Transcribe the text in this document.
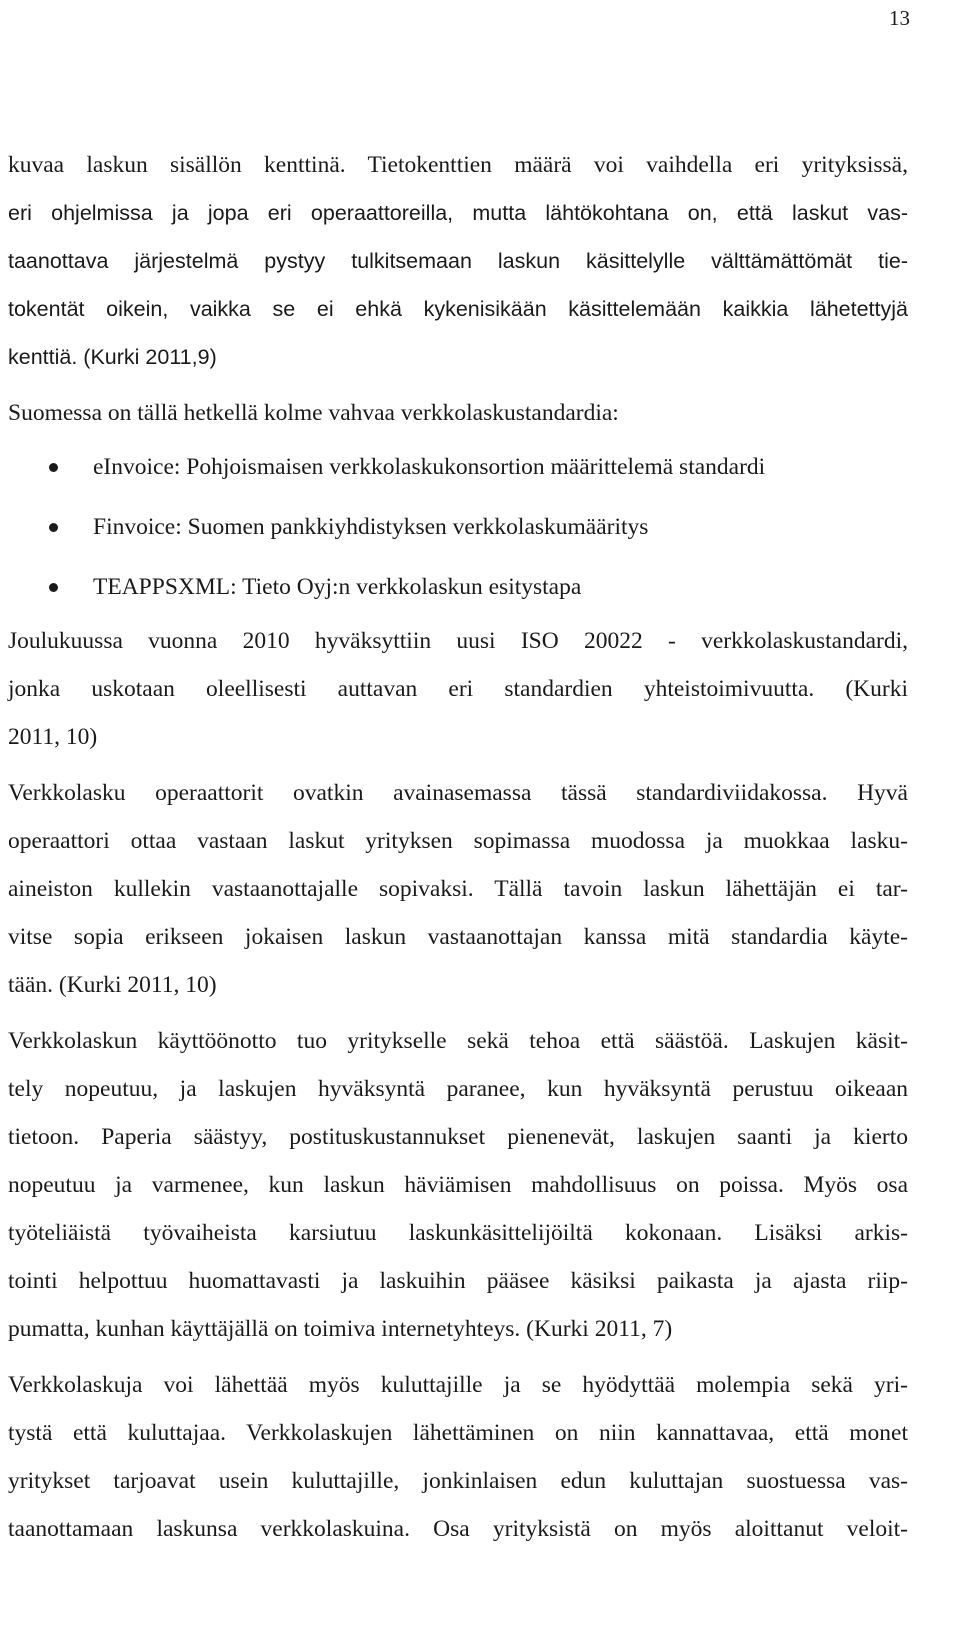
13
kuvaa laskun sisällön kenttinä. Tietokenttien määrä voi vaihdella eri yrityksissä,
eri ohjelmissa ja jopa eri operaattoreilla, mutta lähtökohtana on, että laskut vas-
taanottava järjestelmä pystyy tulkitsemaan laskun käsittelylle välttämättömät tie-
tokentät oikein, vaikka se ei ehkä kykenisikään käsittelemään kaikkia lähetettyjä
kenttiä. (Kurki 2011,9)
Suomessa on tällä hetkellä kolme vahvaa verkkolaskustandardia:
eInvoice: Pohjoismaisen verkkolaskukonsortion määrittelemä standardi
Finvoice: Suomen pankkiyhdistyksen verkkolaskumääritys
TEAPPSXML: Tieto Oyj:n verkkolaskun esitystapa
Joulukuussa vuonna 2010 hyväksyttiin uusi ISO 20022 - verkkolaskustandardi,
jonka uskotaan oleellisesti auttavan eri standardien yhteistoimivuutta. (Kurki
2011, 10)
Verkkolasku operaattorit ovatkin avainasemassa tässä standardiviidakossa. Hyvä
operaattori ottaa vastaan laskut yrityksen sopimassa muodossa ja muokkaa lasku-
aineiston kullekin vastaanottajalle sopivaksi. Tällä tavoin laskun lähettäjän ei tar-
vitse sopia erikseen jokaisen laskun vastaanottajan kanssa mitä standardia käyte-
tään. (Kurki 2011, 10)
Verkkolaskun käyttöönotto tuo yritykselle sekä tehoa että säästöä. Laskujen käsit-
tely nopeutuu, ja laskujen hyväksyntä paranee, kun hyväksyntä perustuu oikeaan
tietoon. Paperia säästyy, postituskustannukset pienenevät, laskujen saanti ja kierto
nopeutuu ja varmenee, kun laskun häviämisen mahdollisuus on poissa. Myös osa
työteliäistä työvaiheista karsiutuu laskunkäsittelijöiltä kokonaan. Lisäksi arkis-
tointi helpottuu huomattavasti ja laskuihin pääsee käsiksi paikasta ja ajasta riip-
pumatta, kunhan käyttäjällä on toimiva internetyhteys. (Kurki 2011, 7)
Verkkolaskuja voi lähettää myös kuluttajille ja se hyödyttää molempia sekä yri-
tystä että kuluttajaa. Verkkolaskujen lähettäminen on niin kannattavaa, että monet
yritykset tarjoavat usein kuluttajille, jonkinlaisen edun kuluttajan suostuessa vas-
taanottamaan laskunsa verkkolaskuina. Osa yrityksistä on myös aloittanut veloit-
